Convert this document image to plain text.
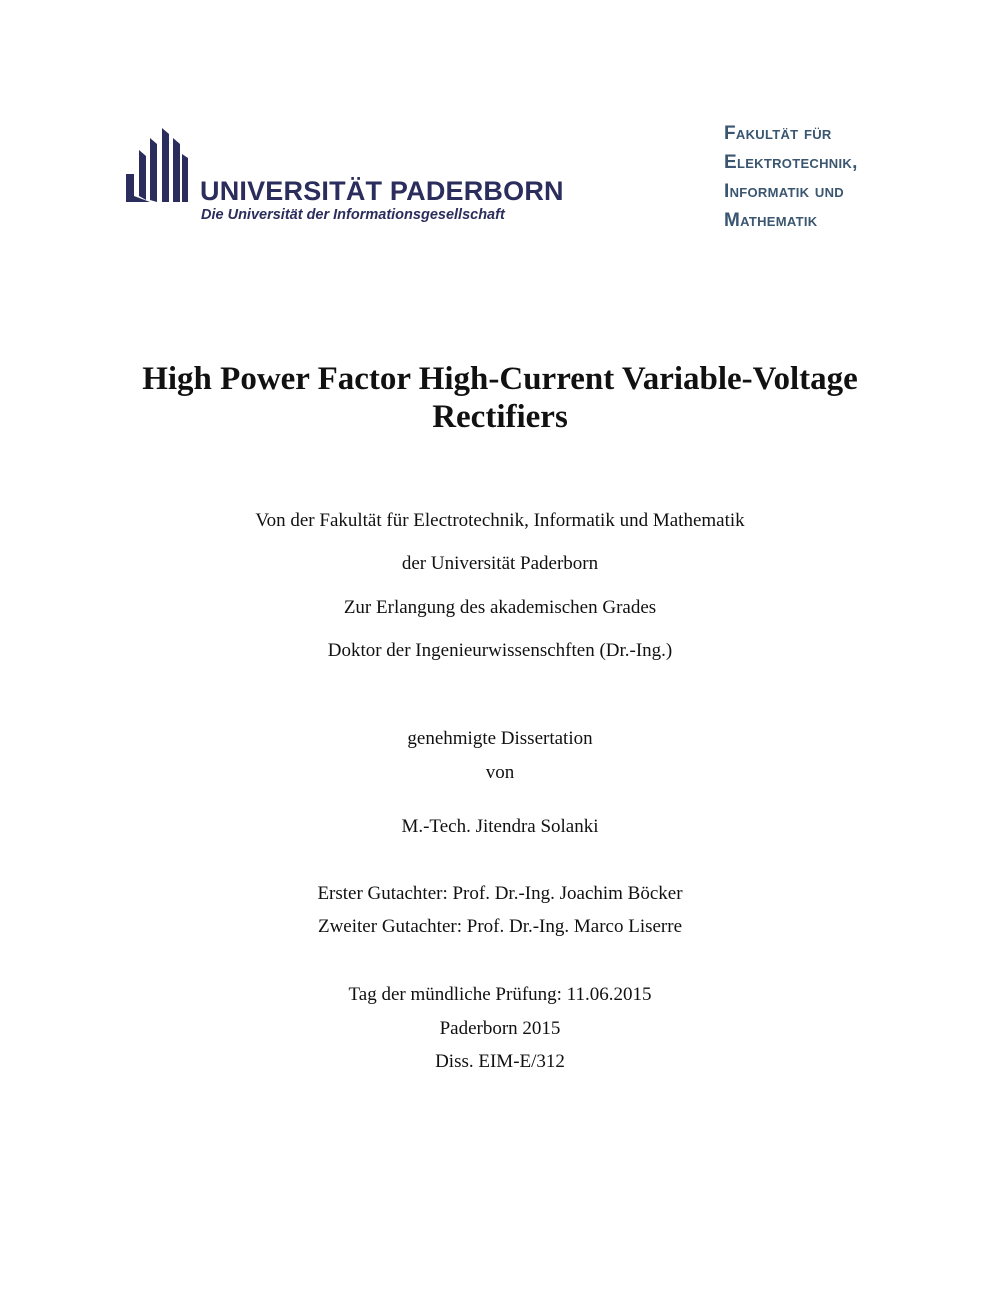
UNIVERSITÄT PADERBORN
Die Universität der Informationsgesellschaft
Fakultät für
Elektrotechnik,
Informatik und
Mathematik
High Power Factor High-Current Variable-Voltage
Rectifiers
Von der Fakultät für Electrotechnik, Informatik und Mathematik
der Universität Paderborn
Zur Erlangung des akademischen Grades
Doktor der Ingenieurwissenschften (Dr.-Ing.)
genehmigte Dissertation
von
M.-Tech. Jitendra Solanki
Erster Gutachter: Prof. Dr.-Ing. Joachim Böcker
Zweiter Gutachter: Prof. Dr.-Ing. Marco Liserre
Tag der mündliche Prüfung: 11.06.2015
Paderborn 2015
Diss. EIM-E/312
